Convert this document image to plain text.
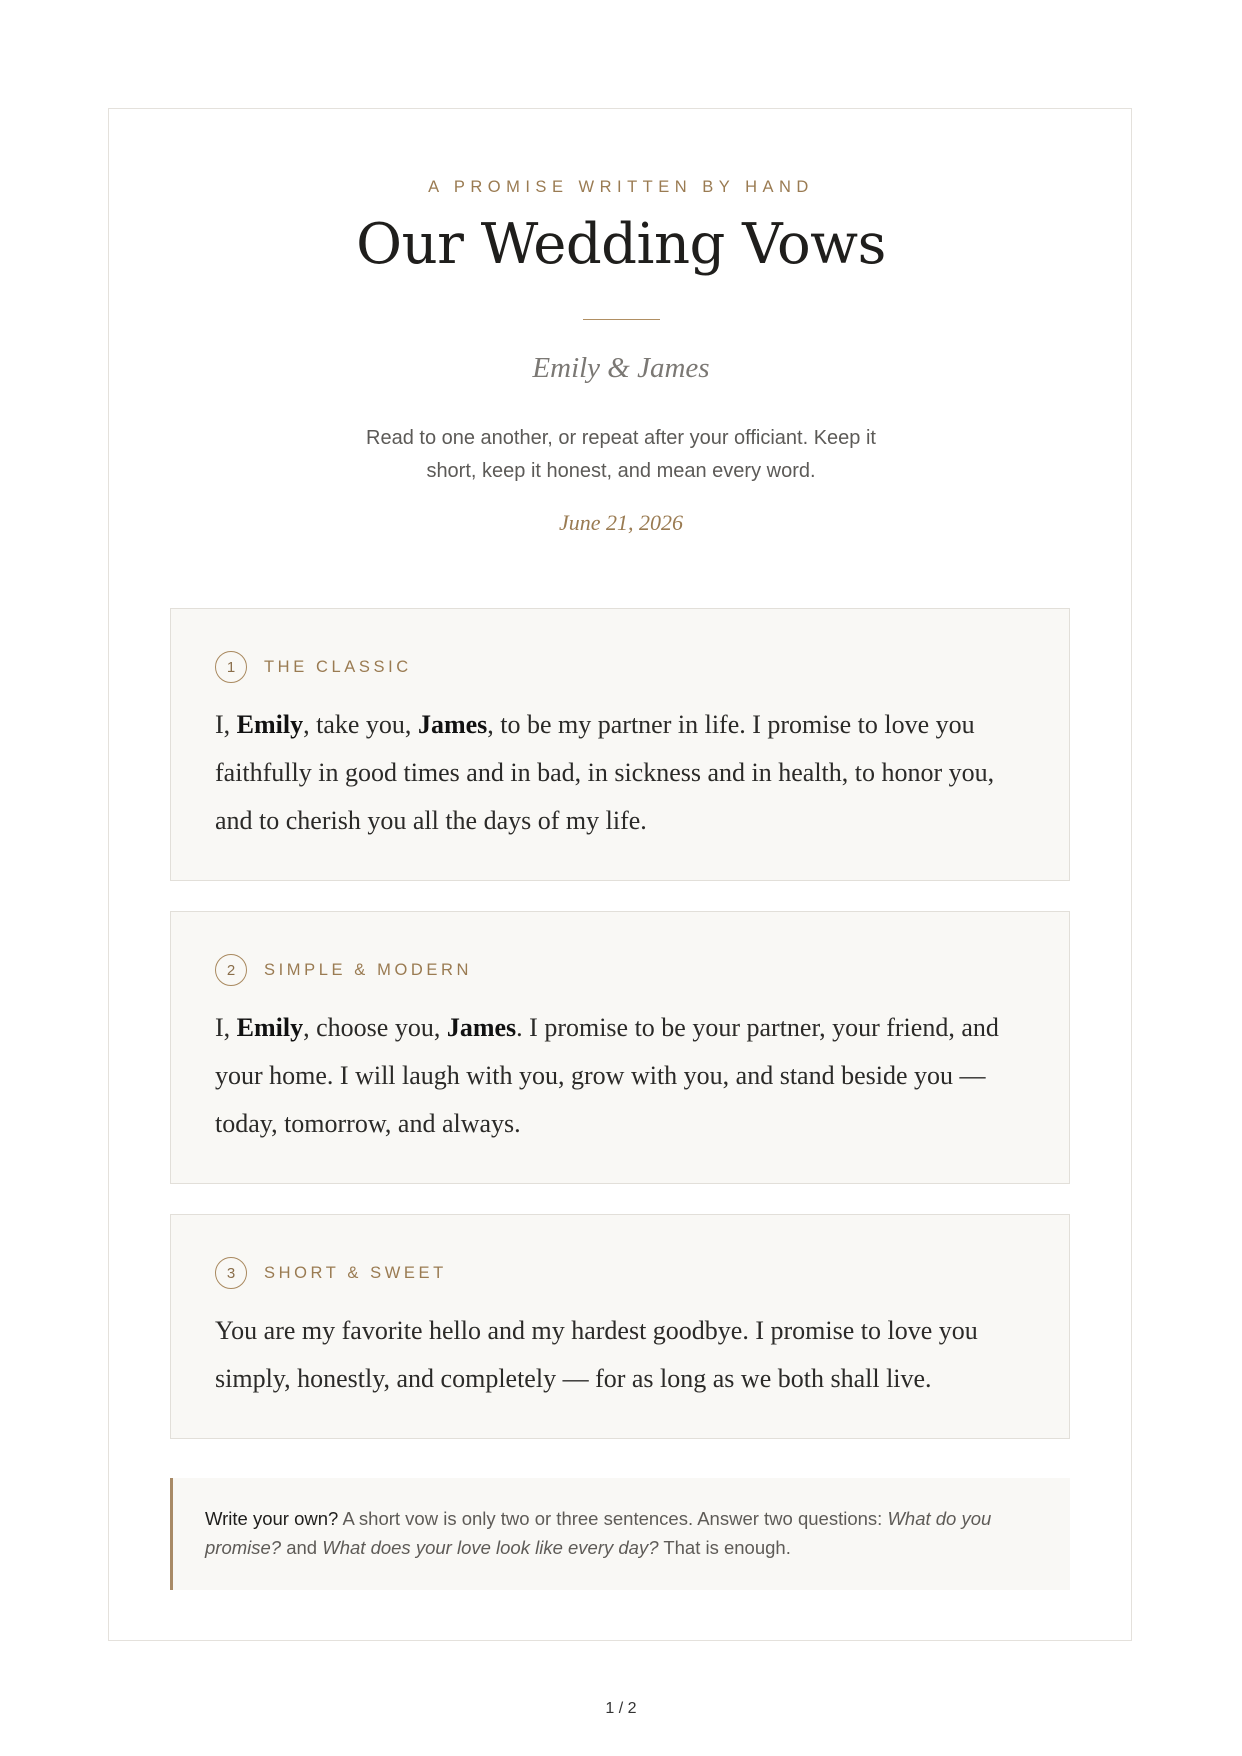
A PROMISE WRITTEN BY HAND
Our Wedding Vows
Emily & James
Read to one another, or repeat after your officiant. Keep it short, keep it honest, and mean every word.
June 21, 2026
1	THE CLASSIC

I, Emily, take you, James, to be my partner in life. I promise to love you faithfully in good times and in bad, in sickness and in health, to honor you, and to cherish you all the days of my life.

2	SIMPLE & MODERN

I, Emily, choose you, James. I promise to be your partner, your friend, and your home. I will laugh with you, grow with you, and stand beside you — today, tomorrow, and always.

3	SHORT & SWEET

You are my favorite hello and my hardest goodbye. I promise to love you simply, honestly, and completely — for as long as we both shall live.

Write your own? A short vow is only two or three sentences. Answer two questions: What do you promise? and What does your love look like every day? That is enough.
1 / 2
